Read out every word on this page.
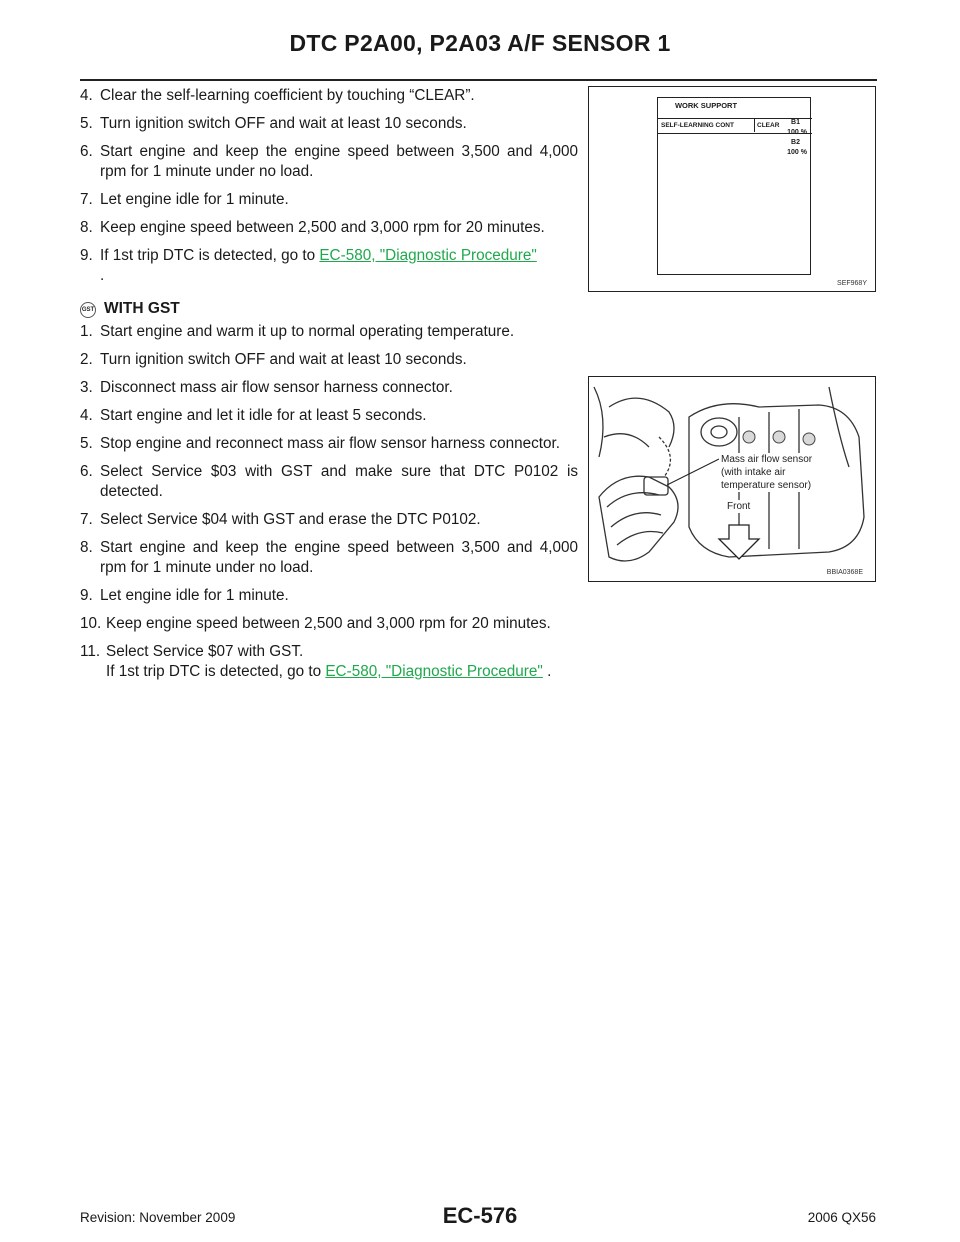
DTC P2A00, P2A03 A/F SENSOR 1
4. Clear the self-learning coefficient by touching “CLEAR”.
5. Turn ignition switch OFF and wait at least 10 seconds.
6. Start engine and keep the engine speed between 3,500 and 4,000 rpm for 1 minute under no load.
7. Let engine idle for 1 minute.
8. Keep engine speed between 2,500 and 3,000 rpm for 20 minutes.
9. If 1st trip DTC is detected, go to EC-580, "Diagnostic Procedure"
.
GST WITH GST
1. Start engine and warm it up to normal operating temperature.
2. Turn ignition switch OFF and wait at least 10 seconds.
3. Disconnect mass air flow sensor harness connector.
4. Start engine and let it idle for at least 5 seconds.
5. Stop engine and reconnect mass air flow sensor harness connector.
6. Select Service $03 with GST and make sure that DTC P0102 is detected.
7. Select Service $04 with GST and erase the DTC P0102.
8. Start engine and keep the engine speed between 3,500 and 4,000 rpm for 1 minute under no load.
9. Let engine idle for 1 minute.
10. Keep engine speed between 2,500 and 3,000 rpm for 20 minutes.
11. Select Service $07 with GST.
If 1st trip DTC is detected, go to EC-580, "Diagnostic Procedure" .
WORK SUPPORT
SELF-LEARNING CONT	CLEAR B1
100 %
B2
100 %
SEF968Y
Mass air flow sensor
(with intake air
temperature sensor)
Front
BBIA0368E
Revision: November 2009	EC-576	2006 QX56
